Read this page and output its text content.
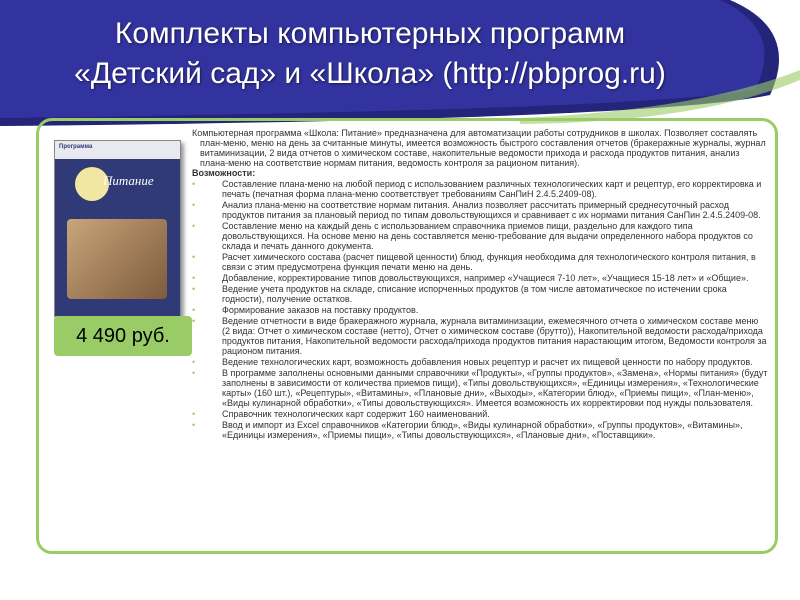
Комплекты компьютерных программ
«Детский сад» и «Школа» (http://pbprog.ru)
Программа
Питание
4 490 руб.

Компьютерная программа «Школа: Питание» предназначена для автоматизации работы сотрудников в школах. Позволяет составлять план-меню, меню на день за считанные минуты, имеется возможность быстрого составления отчетов (бракеражные журналы, журнал витаминизации, 2 вида отчетов о химическом составе, накопительные ведомости прихода и расхода продуктов питания, анализ плана-меню на соответствие нормам питания, ведомость контроля за рационом питания).

Возможности:

•	Составление плана-меню на любой период с использованием различных технологических карт и рецептур, его корректировка и печать (печатная форма плана-меню соответствует требованиям СанПиН 2.4.5.2409-08).
•	Анализ плана-меню на соответствие нормам питания. Анализ позволяет рассчитать примерный среднесуточный расход продуктов питания за плановый период по типам довольствующихся и сравнивает с их нормами питания СанПин 2.4.5.2409-08.
•	Составление меню на каждый день с использованием справочника приемов пищи, раздельно для каждого типа довольствующихся. На основе меню на день составляется меню-требование для выдачи определенного набора продуктов со склада и печать данного документа.
•	Расчет химического состава (расчет пищевой ценности) блюд, функция необходима для технологического контроля питания, в связи с этим предусмотрена функция печати меню на день.
•	Добавление, корректирование типов довольствующихся, например «Учащиеся 7-10 лет», «Учащиеся 15-18 лет» и «Общие».
•	Ведение учета продуктов на складе, списание испорченных продуктов (в том числе автоматическое по истечении срока годности), получение остатков.
•	Формирование заказов на поставку продуктов.
•	Ведение отчетности в виде бракеражного журнала, журнала витаминизации, ежемесячного отчета о химическом составе меню (2 вида: Отчет о химическом составе (нетто), Отчет о химическом составе (брутто)), Накопительной ведомости расхода/прихода продуктов питания, Накопительной ведомости расхода/прихода продуктов питания нарастающим итогом, Ведомости контроля за рационом питания.
•	Ведение технологических карт, возможность добавления новых рецептур и расчет их пищевой ценности по набору продуктов.
•	В программе заполнены основными данными справочники «Продукты», «Группы продуктов», «Замена», «Нормы питания» (будут заполнены в зависимости от количества приемов пищи), «Типы довольствующихся», «Единицы измерения», «Технологические карты» (160 шт.), «Рецептуры», «Витамины», «Плановые дни», «Выходы», «Категории блюд», «Приемы пищи», «План-меню», «Виды кулинарной обработки», «Типы довольствующихся». Имеется возможность их корректировки под нужды пользователя.
•	Справочник технологических карт содержит 160 наименований.
•	Ввод и импорт из Excel справочников «Категории блюд», «Виды кулинарной обработки», «Группы продуктов», «Витамины», «Единицы измерения», «Приемы пищи», «Типы довольствующихся», «Плановые дни», «Поставщики».
